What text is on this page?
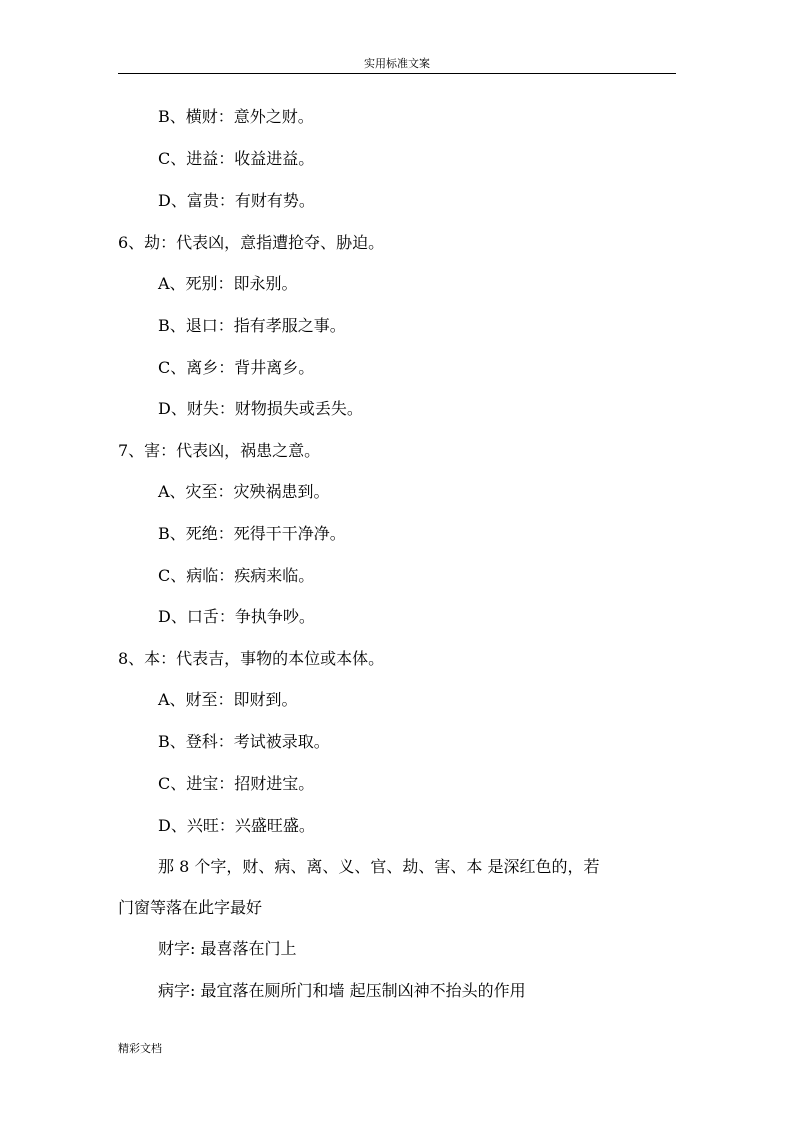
实用标准文案
B、横财：意外之财。
C、进益：收益进益。
D、富贵：有财有势。
6、劫：代表凶，意指遭抢夺、胁迫。
A、死别：即永别。
B、退口：指有孝服之事。
C、离乡：背井离乡。
D、财失：财物损失或丢失。
7、害：代表凶，祸患之意。
A、灾至：灾殃祸患到。
B、死绝：死得干干净净。
C、病临：疾病来临。
D、口舌：争执争吵。
8、本：代表吉，事物的本位或本体。
A、财至：即财到。
B、登科：考试被录取。
C、进宝：招财进宝。
D、兴旺：兴盛旺盛。
那 8 个字，财、病、离、义、官、劫、害、本 是深红色的，若
门窗等落在此字最好
财字: 最喜落在门上
病字: 最宜落在厕所门和墙 起压制凶神不抬头的作用
精彩文档
